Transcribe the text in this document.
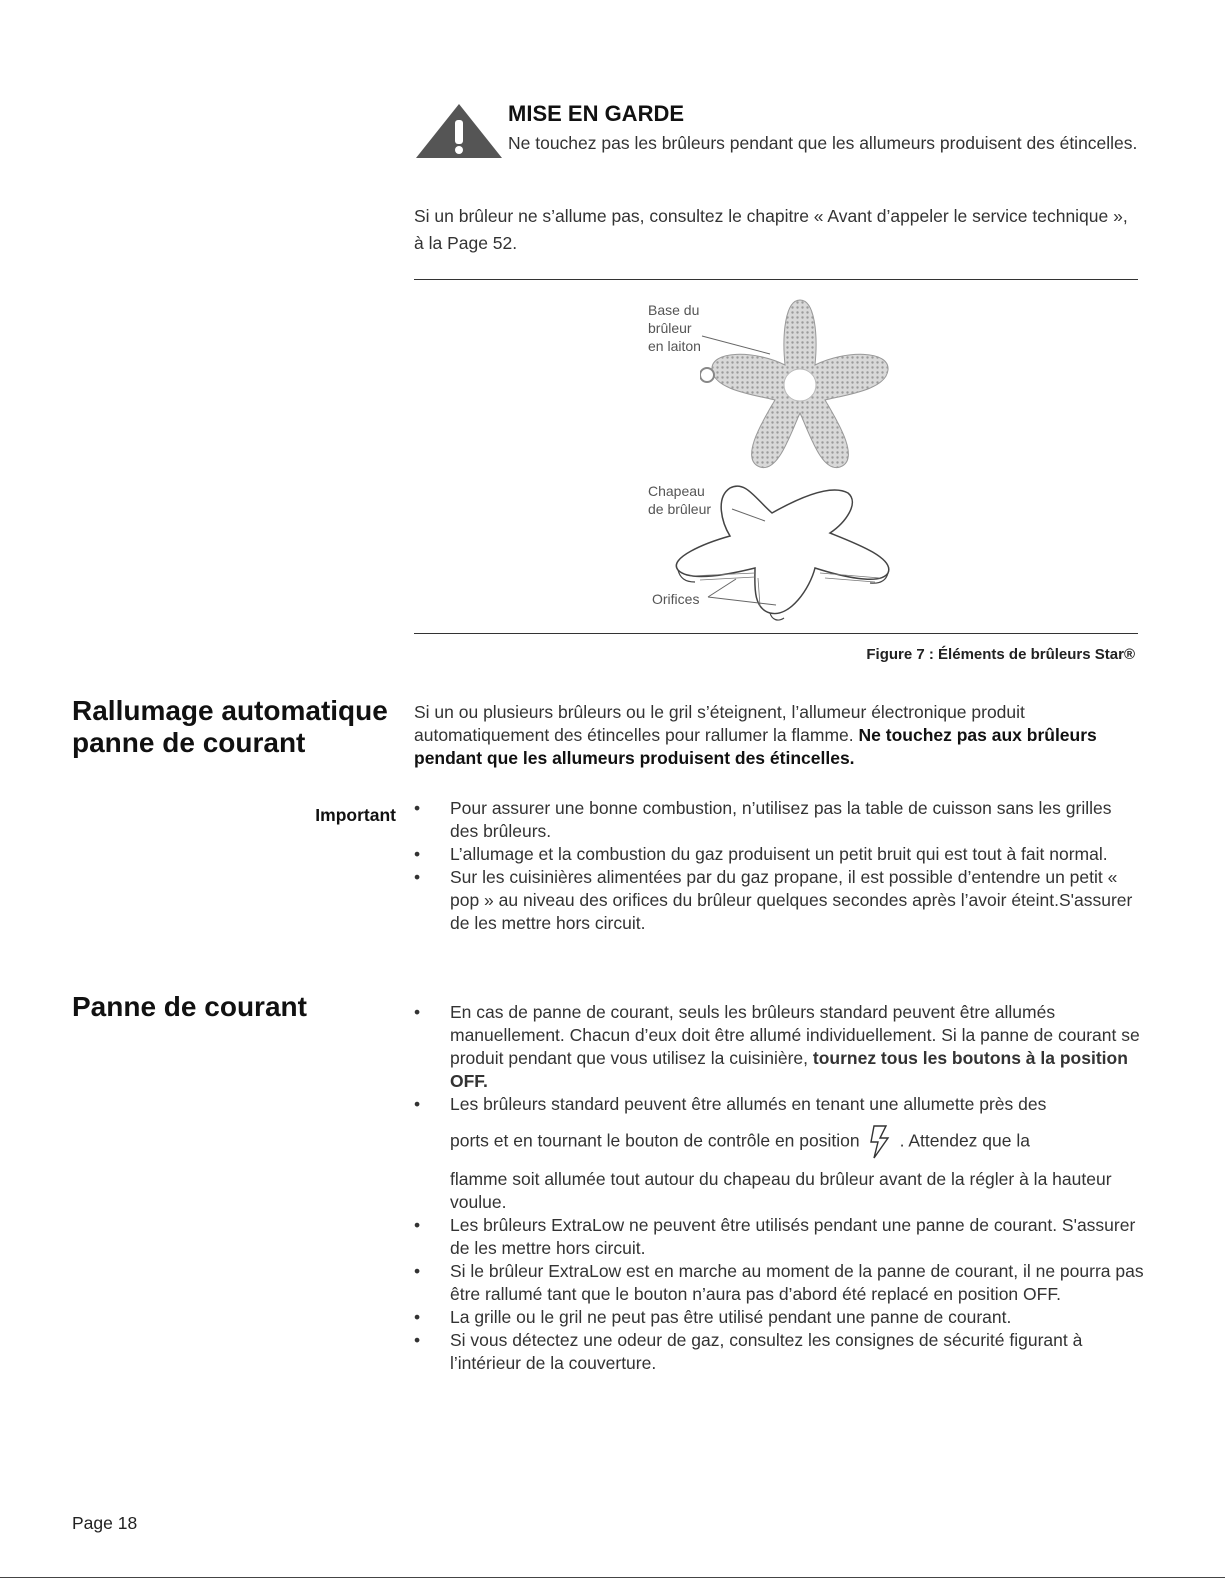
MISE EN GARDE
Ne touchez pas les brûleurs pendant que les allumeurs produisent des étincelles.
Si un brûleur ne s’allume pas, consultez le chapitre « Avant d’appeler le service technique », à la Page 52.
Base du
brûleur
en laiton
Chapeau
de brûleur
Orifices
Figure 7 : Éléments de brûleurs Star®
Rallumage automatique
panne de courant
Si un ou plusieurs brûleurs ou le gril s’éteignent, l’allumeur électronique produit automatiquement des étincelles pour rallumer la flamme. Ne touchez pas aux brûleurs pendant que les allumeurs produisent des étincelles.
Important •	Pour assurer une bonne combustion, n’utilisez pas la table de cuisson sans les grilles des brûleurs.
•	L’allumage et la combustion du gaz produisent un petit bruit qui est tout à fait normal.
•	Sur les cuisinières alimentées par du gaz propane, il est possible d’entendre un petit « pop » au niveau des orifices du brûleur quelques secondes après l’avoir éteint.S'assurer de les mettre hors circuit.
Panne de courant	•	En cas de panne de courant, seuls les brûleurs standard peuvent être allumés manuellement. Chacun d’eux doit être allumé individuellement. Si la panne de courant se produit pendant que vous utilisez la cuisinière, tournez tous les boutons à la position OFF.
•	Les brûleurs standard peuvent être allumés en tenant une allumette près des
ports et en tournant le bouton de contrôle en position . Attendez que la
flamme soit allumée tout autour du chapeau du brûleur avant de la régler à la hauteur voulue.
•	Les brûleurs ExtraLow ne peuvent être utilisés pendant une panne de courant. S'assurer de les mettre hors circuit.
•	Si le brûleur ExtraLow est en marche au moment de la panne de courant, il ne pourra pas être rallumé tant que le bouton n’aura pas d’abord été replacé en position OFF.
•	La grille ou le gril ne peut pas être utilisé pendant une panne de courant.
•	Si vous détectez une odeur de gaz, consultez les consignes de sécurité figurant à l’intérieur de la couverture.
Page 18
